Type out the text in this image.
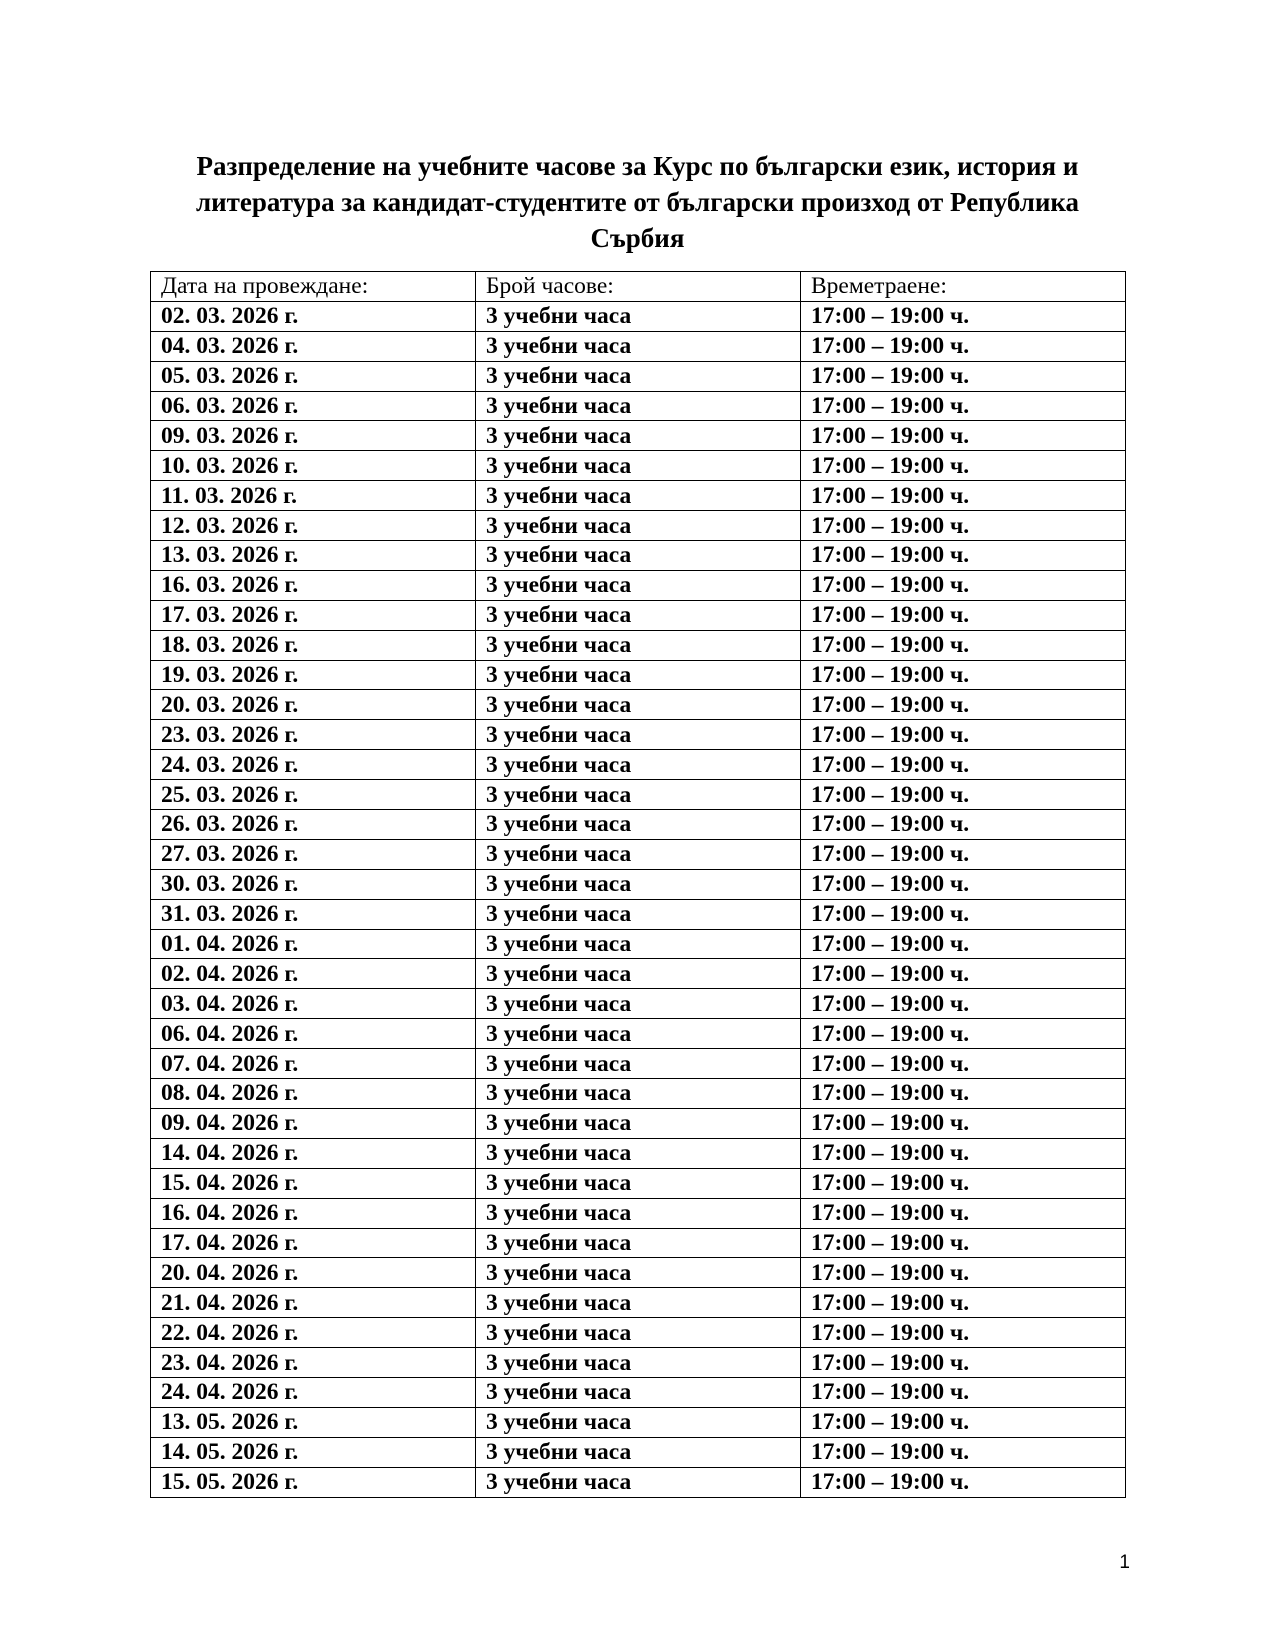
Разпределение на учебните часове за Курс по български език, история и литература за кандидат-студентите от български произход от Република Сърбия
Дата на провеждане:	Брой часове:	Времетраене:
02. 03. 2026 г.	3 учебни часа	17:00 – 19:00 ч.
04. 03. 2026 г.	3 учебни часа	17:00 – 19:00 ч.
05. 03. 2026 г.	3 учебни часа	17:00 – 19:00 ч.
06. 03. 2026 г.	3 учебни часа	17:00 – 19:00 ч.
09. 03. 2026 г.	3 учебни часа	17:00 – 19:00 ч.
10. 03. 2026 г.	3 учебни часа	17:00 – 19:00 ч.
11. 03. 2026 г.	3 учебни часа	17:00 – 19:00 ч.
12. 03. 2026 г.	3 учебни часа	17:00 – 19:00 ч.
13. 03. 2026 г.	3 учебни часа	17:00 – 19:00 ч.
16. 03. 2026 г.	3 учебни часа	17:00 – 19:00 ч.
17. 03. 2026 г.	3 учебни часа	17:00 – 19:00 ч.
18. 03. 2026 г.	3 учебни часа	17:00 – 19:00 ч.
19. 03. 2026 г.	3 учебни часа	17:00 – 19:00 ч.
20. 03. 2026 г.	3 учебни часа	17:00 – 19:00 ч.
23. 03. 2026 г.	3 учебни часа	17:00 – 19:00 ч.
24. 03. 2026 г.	3 учебни часа	17:00 – 19:00 ч.
25. 03. 2026 г.	3 учебни часа	17:00 – 19:00 ч.
26. 03. 2026 г.	3 учебни часа	17:00 – 19:00 ч.
27. 03. 2026 г.	3 учебни часа	17:00 – 19:00 ч.
30. 03. 2026 г.	3 учебни часа	17:00 – 19:00 ч.
31. 03. 2026 г.	3 учебни часа	17:00 – 19:00 ч.
01. 04. 2026 г.	3 учебни часа	17:00 – 19:00 ч.
02. 04. 2026 г.	3 учебни часа	17:00 – 19:00 ч.
03. 04. 2026 г.	3 учебни часа	17:00 – 19:00 ч.
06. 04. 2026 г.	3 учебни часа	17:00 – 19:00 ч.
07. 04. 2026 г.	3 учебни часа	17:00 – 19:00 ч.
08. 04. 2026 г.	3 учебни часа	17:00 – 19:00 ч.
09. 04. 2026 г.	3 учебни часа	17:00 – 19:00 ч.
14. 04. 2026 г.	3 учебни часа	17:00 – 19:00 ч.
15. 04. 2026 г.	3 учебни часа	17:00 – 19:00 ч.
16. 04. 2026 г.	3 учебни часа	17:00 – 19:00 ч.
17. 04. 2026 г.	3 учебни часа	17:00 – 19:00 ч.
20. 04. 2026 г.	3 учебни часа	17:00 – 19:00 ч.
21. 04. 2026 г.	3 учебни часа	17:00 – 19:00 ч.
22. 04. 2026 г.	3 учебни часа	17:00 – 19:00 ч.
23. 04. 2026 г.	3 учебни часа	17:00 – 19:00 ч.
24. 04. 2026 г.	3 учебни часа	17:00 – 19:00 ч.
13. 05. 2026 г.	3 учебни часа	17:00 – 19:00 ч.
14. 05. 2026 г.	3 учебни часа	17:00 – 19:00 ч.
15. 05. 2026 г.	3 учебни часа	17:00 – 19:00 ч.
1
